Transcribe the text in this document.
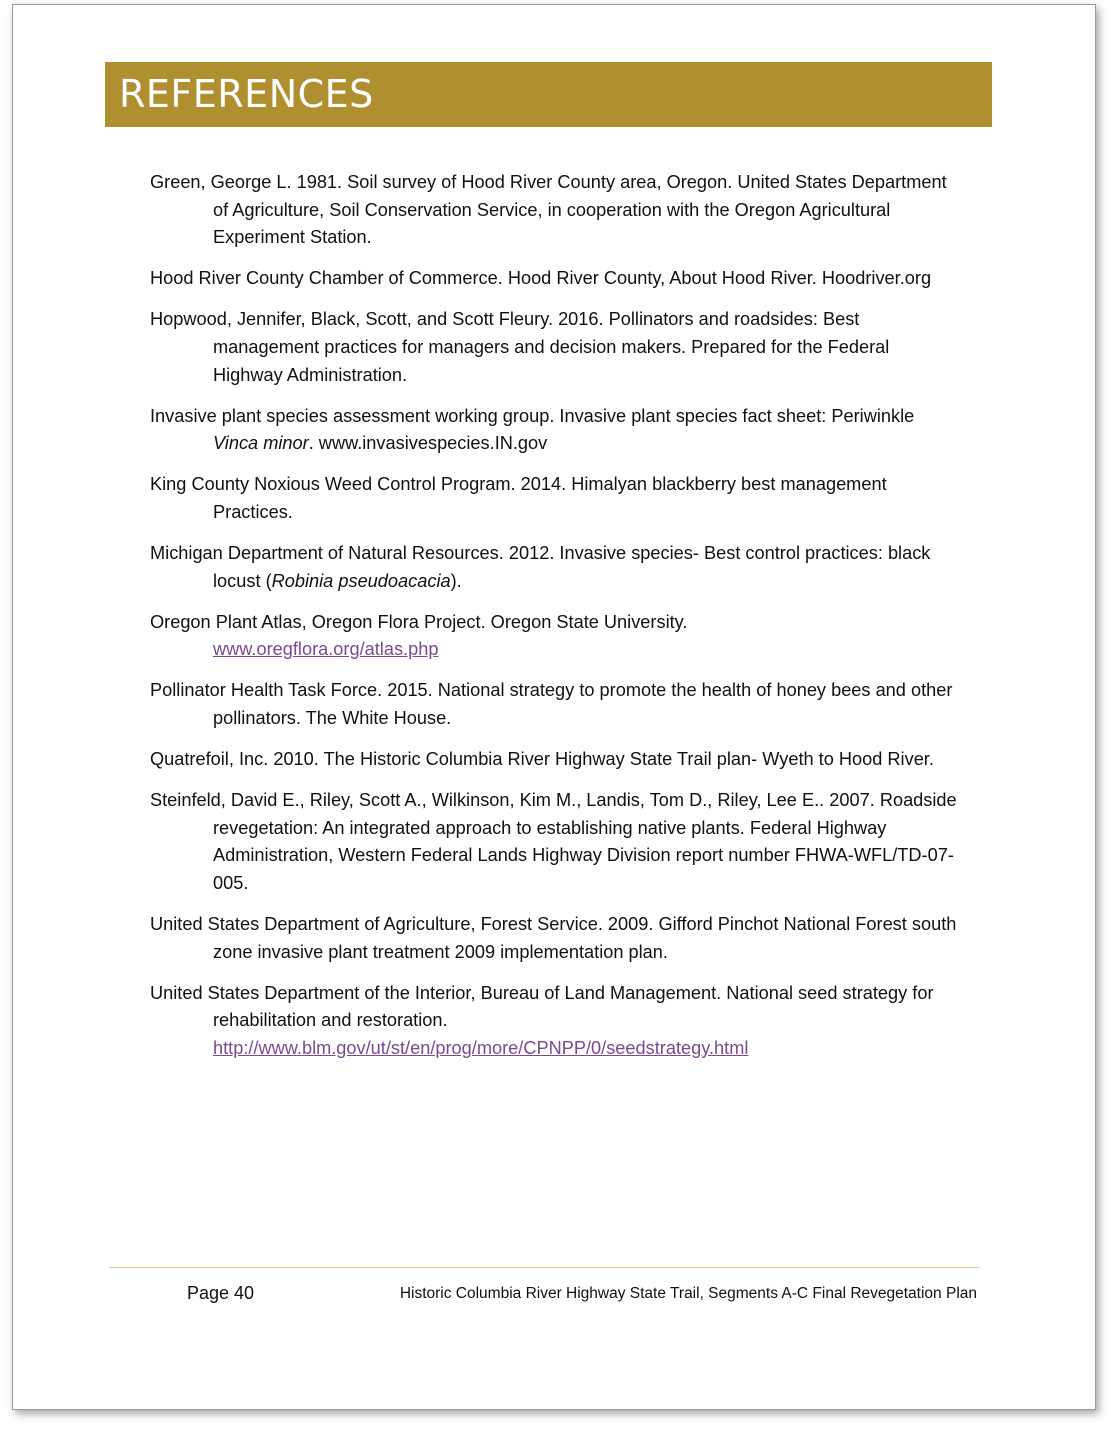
REFERENCES

Green, George L. 1981. Soil survey of Hood River County area, Oregon. United States Department of Agriculture, Soil Conservation Service, in cooperation with the Oregon Agricultural Experiment Station.

Hood River County Chamber of Commerce. Hood River County, About Hood River. Hoodriver.org

Hopwood, Jennifer, Black, Scott, and Scott Fleury. 2016. Pollinators and roadsides: Best management practices for managers and decision makers. Prepared for the Federal Highway Administration.

Invasive plant species assessment working group. Invasive plant species fact sheet: Periwinkle Vinca minor. www.invasivespecies.IN.gov

King County Noxious Weed Control Program. 2014. Himalyan blackberry best management Practices.

Michigan Department of Natural Resources. 2012. Invasive species- Best control practices: black locust (Robinia pseudoacacia).

Oregon Plant Atlas, Oregon Flora Project. Oregon State University.
www.oregflora.org/atlas.php

Pollinator Health Task Force. 2015. National strategy to promote the health of honey bees and other pollinators. The White House.

Quatrefoil, Inc. 2010. The Historic Columbia River Highway State Trail plan- Wyeth to Hood River.

Steinfeld, David E., Riley, Scott A., Wilkinson, Kim M., Landis, Tom D., Riley, Lee E.. 2007. Roadside revegetation: An integrated approach to establishing native plants. Federal Highway Administration, Western Federal Lands Highway Division report number FHWA-WFL/TD-07-005.

United States Department of Agriculture, Forest Service. 2009. Gifford Pinchot National Forest south zone invasive plant treatment 2009 implementation plan.

United States Department of the Interior, Bureau of Land Management. National seed strategy for rehabilitation and restoration.
http://www.blm.gov/ut/st/en/prog/more/CPNPP/0/seedstrategy.html

Page 40	Historic Columbia River Highway State Trail, Segments A-C Final Revegetation Plan
